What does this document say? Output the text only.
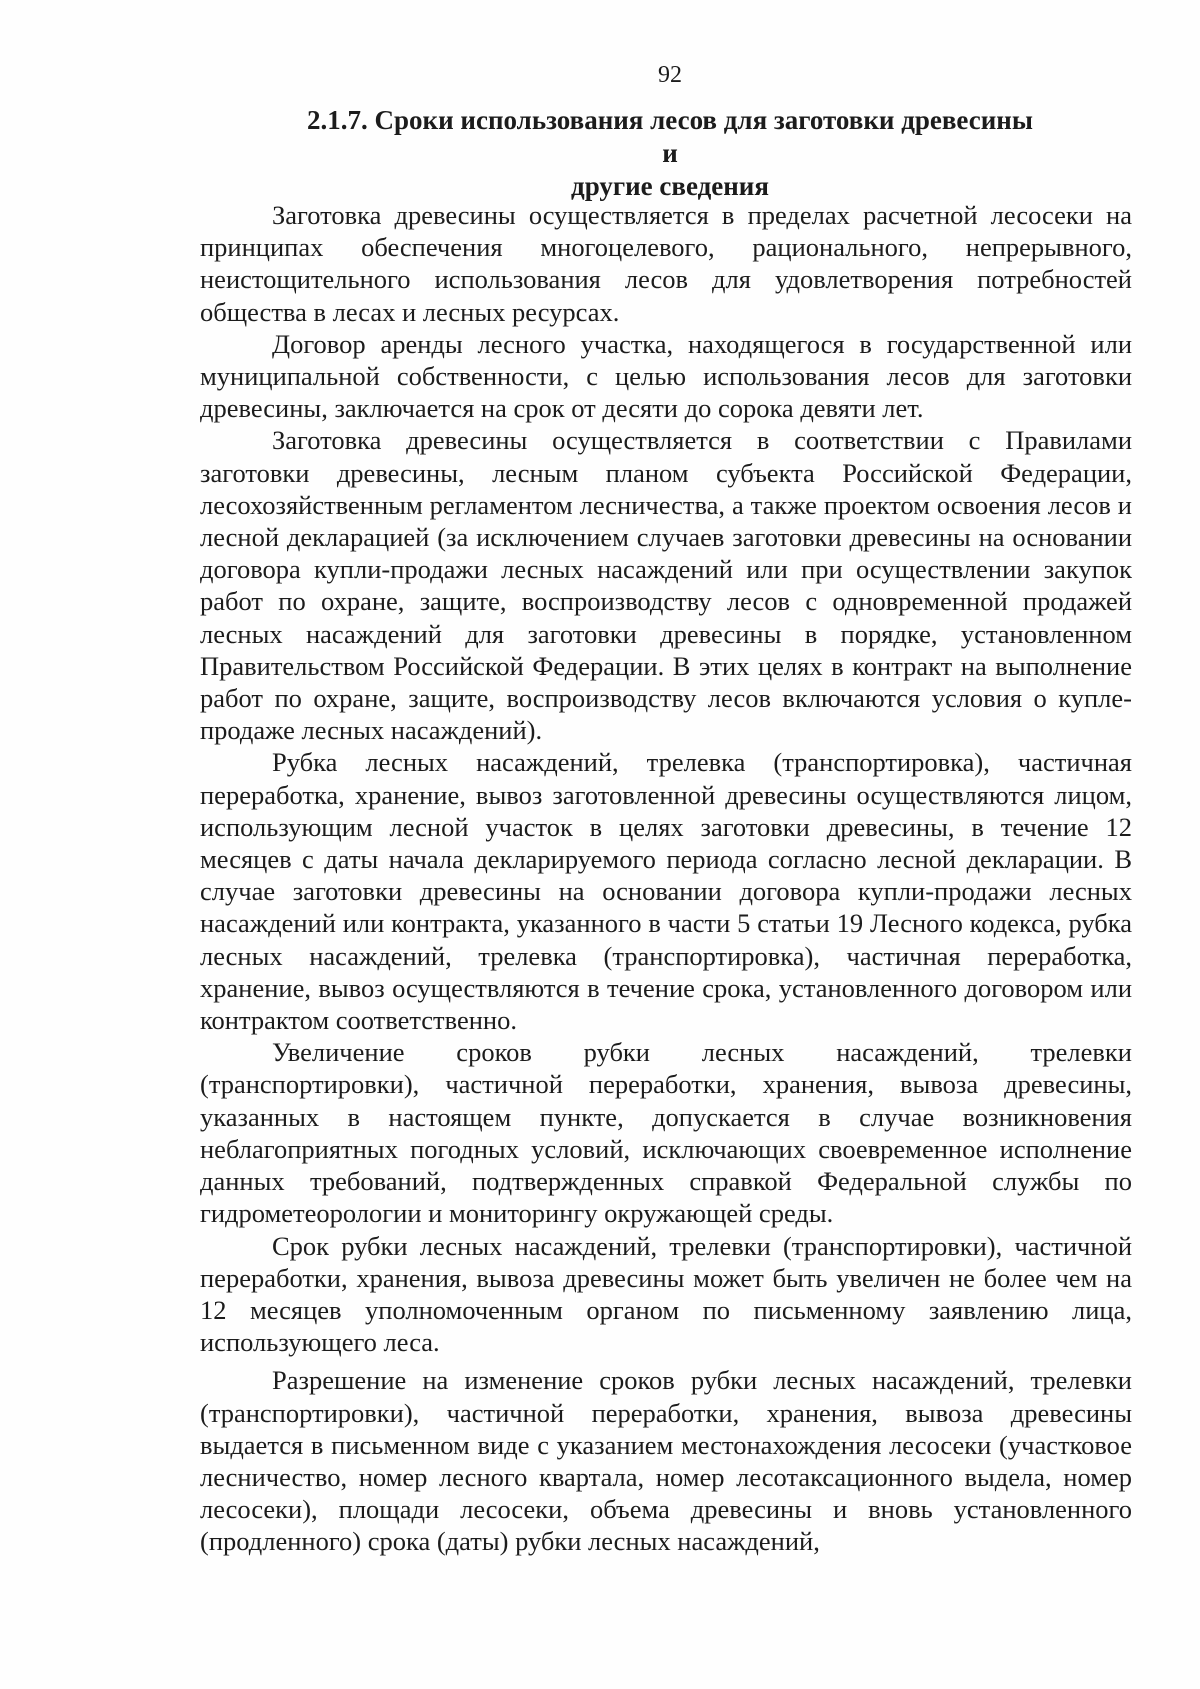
92
2.1.7. Сроки использования лесов для заготовки древесины и
другие сведения

Заготовка древесины осуществляется в пределах расчетной лесосеки на принципах обеспечения многоцелевого, рационального, непрерывного, неистощительного использования лесов для удовлетворения потребностей общества в лесах и лесных ресурсах.

Договор аренды лесного участка, находящегося в государственной или муниципальной собственности, с целью использования лесов для заготовки древесины, заключается на срок от десяти до сорока девяти лет.

Заготовка древесины осуществляется в соответствии с Правилами заготовки древесины, лесным планом субъекта Российской Федерации, лесохозяйственным регламентом лесничества, а также проектом освоения лесов и лесной декларацией (за исключением случаев заготовки древесины на основании договора купли-продажи лесных насаждений или при осуществлении закупок работ по охране, защите, воспроизводству лесов с одновременной продажей лесных насаждений для заготовки древесины в порядке, установленном Правительством Российской Федерации. В этих целях в контракт на выполнение работ по охране, защите, воспроизводству лесов включаются условия о купле-продаже лесных насаждений).

Рубка лесных насаждений, трелевка (транспортировка), частичная переработка, хранение, вывоз заготовленной древесины осуществляются лицом, использующим лесной участок в целях заготовки древесины, в течение 12 месяцев с даты начала декларируемого периода согласно лесной декларации. В случае заготовки древесины на основании договора купли-продажи лесных насаждений или контракта, указанного в части 5 статьи 19 Лесного кодекса, рубка лесных насаждений, трелевка (транспортировка), частичная переработка, хранение, вывоз осуществляются в течение срока, установленного договором или контрактом соответственно.

Увеличение сроков рубки лесных насаждений, трелевки (транспортировки), частичной переработки, хранения, вывоза древесины, указанных в настоящем пункте, допускается в случае возникновения неблагоприятных погодных условий, исключающих своевременное исполнение данных требований, подтвержденных справкой Федеральной службы по гидрометеорологии и мониторингу окружающей среды.

Срок рубки лесных насаждений, трелевки (транспортировки), частичной переработки, хранения, вывоза древесины может быть увеличен не более чем на 12 месяцев уполномоченным органом по письменному заявлению лица, использующего леса.

Разрешение на изменение сроков рубки лесных насаждений, трелевки (транспортировки), частичной переработки, хранения, вывоза древесины выдается в письменном виде с указанием местонахождения лесосеки (участковое лесничество, номер лесного квартала, номер лесотаксационного выдела, номер лесосеки), площади лесосеки, объема древесины и вновь установленного (продленного) срока (даты) рубки лесных насаждений,
